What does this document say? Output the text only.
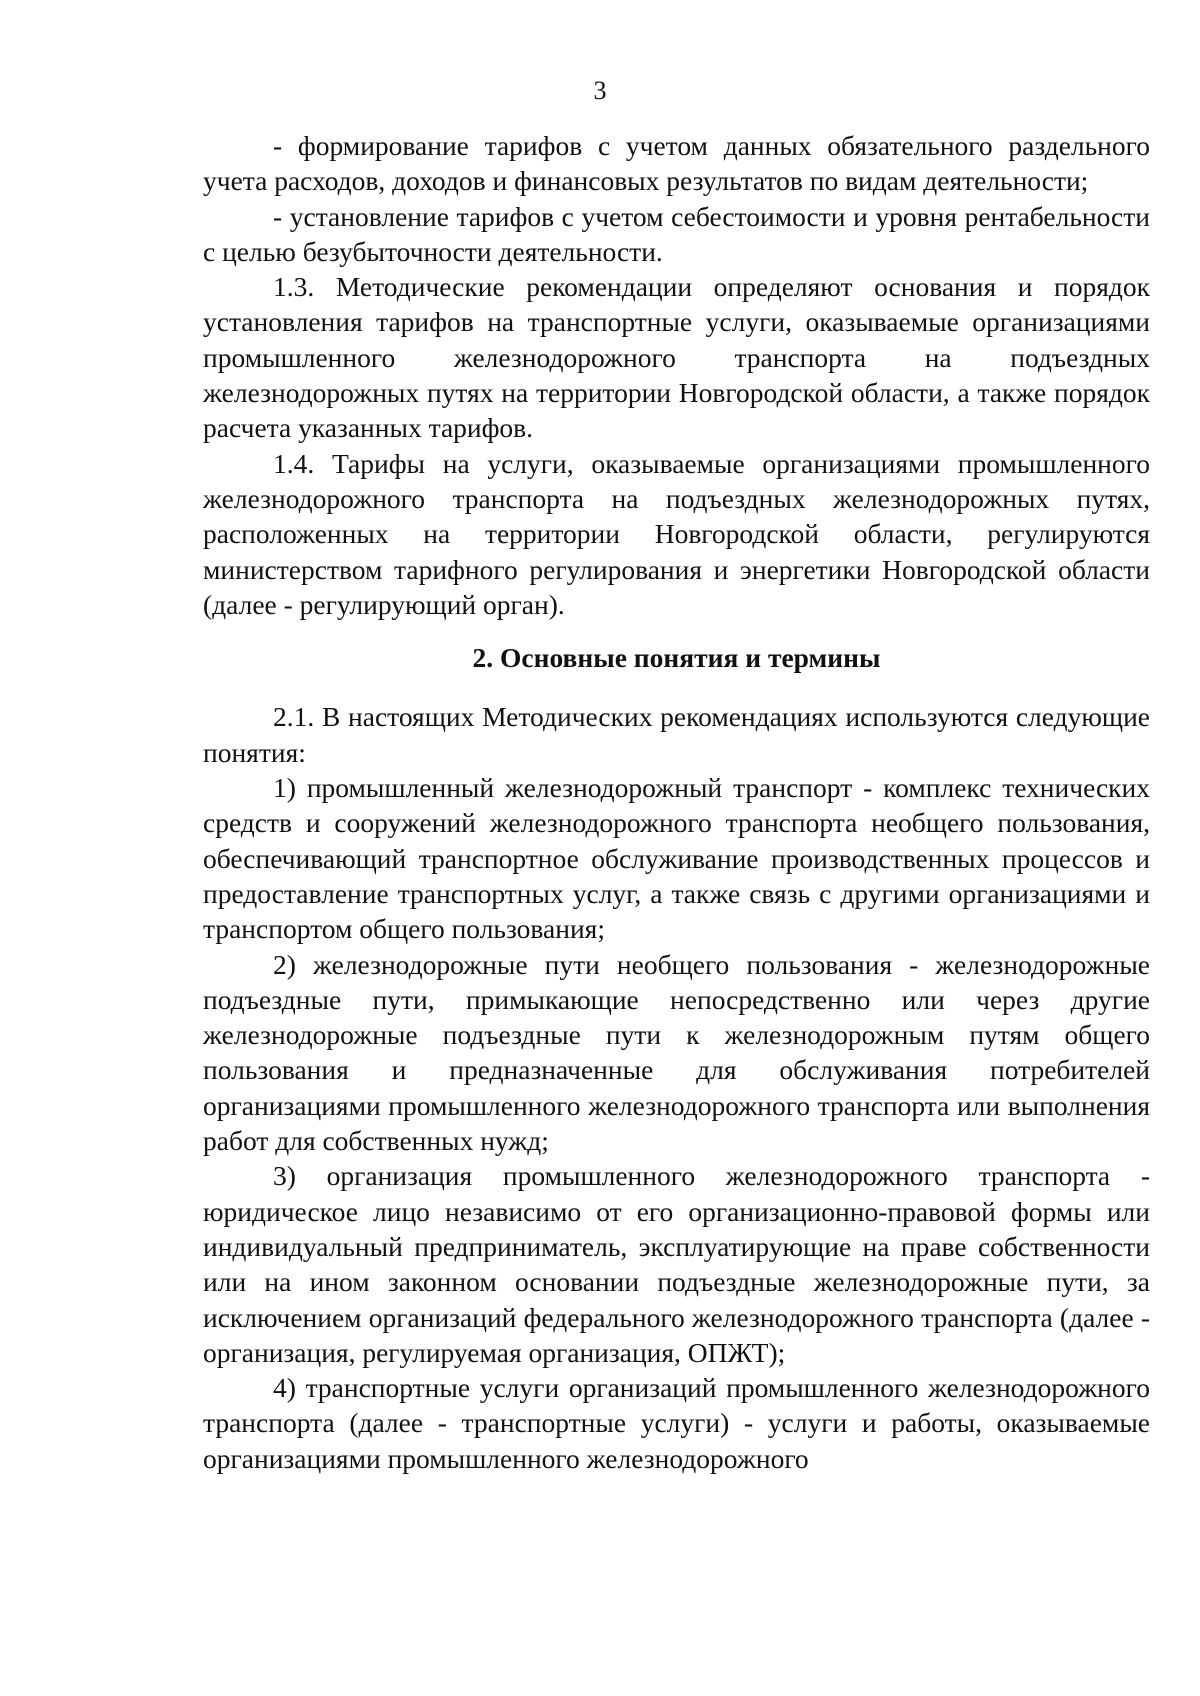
3

- формирование тарифов с учетом данных обязательного раздельного учета расходов, доходов и финансовых результатов по видам деятельности;

- установление тарифов с учетом себестоимости и уровня рентабельности с целью безубыточности деятельности.

1.3. Методические рекомендации определяют основания и порядок установления тарифов на транспортные услуги, оказываемые организациями промышленного железнодорожного транспорта на подъездных железнодорожных путях на территории Новгородской области, а также порядок расчета указанных тарифов.

1.4. Тарифы на услуги, оказываемые организациями промышленного железнодорожного транспорта на подъездных железнодорожных путях, расположенных на территории Новгородской области, регулируются министерством тарифного регулирования и энергетики Новгородской области (далее - регулирующий орган).

2. Основные понятия и термины

2.1. В настоящих Методических рекомендациях используются следующие понятия:

1) промышленный железнодорожный транспорт - комплекс технических средств и сооружений железнодорожного транспорта необщего пользования, обеспечивающий транспортное обслуживание производственных процессов и предоставление транспортных услуг, а также связь с другими организациями и транспортом общего пользования;

2) железнодорожные пути необщего пользования - железнодорожные подъездные пути, примыкающие непосредственно или через другие железнодорожные подъездные пути к железнодорожным путям общего пользования и предназначенные для обслуживания потребителей организациями промышленного железнодорожного транспорта или выполнения работ для собственных нужд;

3) организация промышленного железнодорожного транспорта - юридическое лицо независимо от его организационно-правовой формы или индивидуальный предприниматель, эксплуатирующие на праве собственности или на ином законном основании подъездные железнодорожные пути, за исключением организаций федерального железнодорожного транспорта (далее - организация, регулируемая организация, ОПЖТ);

4) транспортные услуги организаций промышленного железнодорожного транспорта (далее - транспортные услуги) - услуги и работы, оказываемые организациями промышленного железнодорожного
